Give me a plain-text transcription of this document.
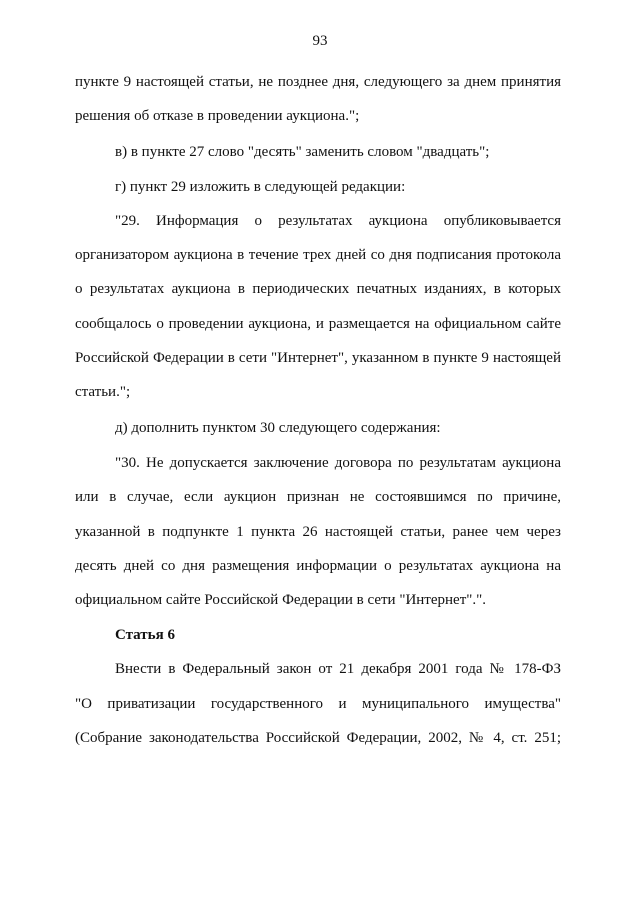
93
пункте 9 настоящей статьи, не позднее дня, следующего за днем принятия
решения об отказе в проведении аукциона.";
в) в пункте 27 слово "десять" заменить словом "двадцать";
г) пункт 29 изложить в следующей редакции:
"29. Информация о результатах аукциона опубликовывается
организатором аукциона в течение трех дней со дня подписания протокола
о результатах аукциона в периодических печатных изданиях, в которых
сообщалось о проведении аукциона, и размещается на официальном сайте
Российской Федерации в сети "Интернет", указанном в пункте 9 настоящей
статьи.";
д) дополнить пунктом 30 следующего содержания:
"30. Не допускается заключение договора по результатам аукциона
или в случае, если аукцион признан не состоявшимся по причине,
указанной в подпункте 1 пункта 26 настоящей статьи, ранее чем через
десять дней со дня размещения информации о результатах аукциона на
официальном сайте Российской Федерации в сети "Интернет".".
Статья 6
Внести в Федеральный закон от 21 декабря 2001 года № 178-ФЗ
"О приватизации государственного и муниципального имущества"
(Собрание законодательства Российской Федерации, 2002, № 4, ст. 251;
